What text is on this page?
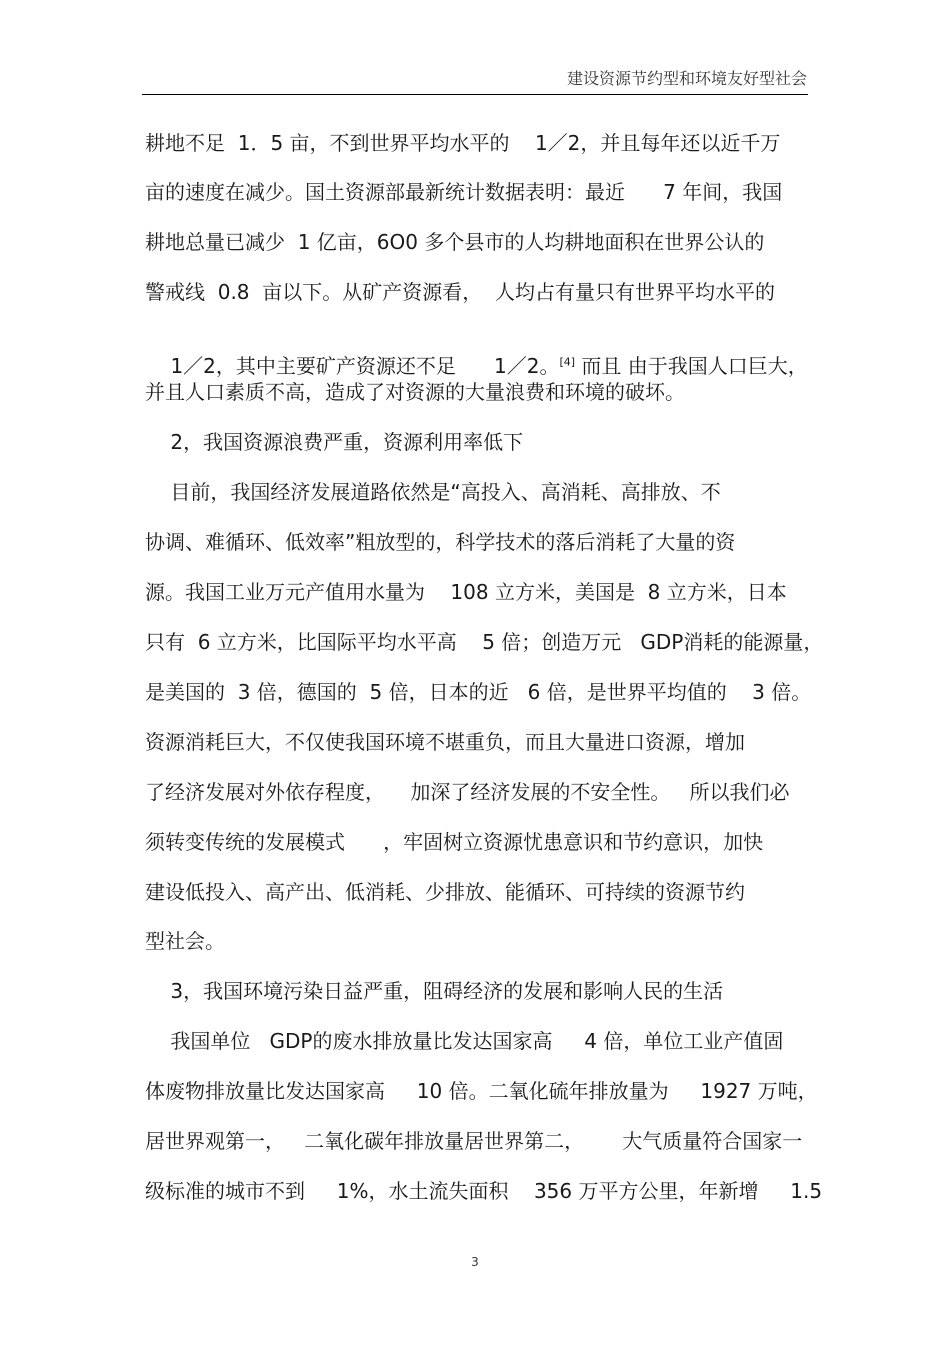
建设资源节约型和环境友好型社会
耕地不足  1．5 亩，不到世界平均水平的    1／2，并且每年还以近千万
亩的速度在减少。国土资源部最新统计数据表明：最近      7 年间，我国
耕地总量已减少  1 亿亩，6O0 多个县市的人均耕地面积在世界公认的
警戒线  0.8  亩以下。从矿产资源看，  人均占有量只有世界平均水平的

1／2，其中主要矿产资源还不足      1／2。[4] 而且 由于我国人口巨大，

并且人口素质不高，造成了对资源的大量浪费和环境的破坏。
2，我国资源浪费严重，资源利用率低下
目前，我国经济发展道路依然是“高投入、高消耗、高排放、不
协调、难循环、低效率”粗放型的，科学技术的落后消耗了大量的资
源。我国工业万元产值用水量为    108 立方米，美国是  8 立方米，日本
只有  6 立方米，比国际平均水平高    5 倍；创造万元   GDP消耗的能源量，
是美国的  3 倍，德国的  5 倍，日本的近   6 倍，是世界平均值的    3 倍。
资源消耗巨大，不仅使我国环境不堪重负，而且大量进口资源，增加
了经济发展对外依存程度，    加深了经济发展的不安全性。   所以我们必
须转变传统的发展模式      ，牢固树立资源忧患意识和节约意识，加快
建设低投入、高产出、低消耗、少排放、能循环、可持续的资源节约
型社会。
3，我国环境污染日益严重，阻碍经济的发展和影响人民的生活
我国单位   GDP的废水排放量比发达国家高     4 倍，单位工业产值固
体废物排放量比发达国家高     10 倍。二氧化硫年排放量为     1927 万吨，
居世界观第一，   二氧化碳年排放量居世界第二，      大气质量符合国家一
级标准的城市不到     1%，水土流失面积    356 万平方公里，年新增     1.5
3
